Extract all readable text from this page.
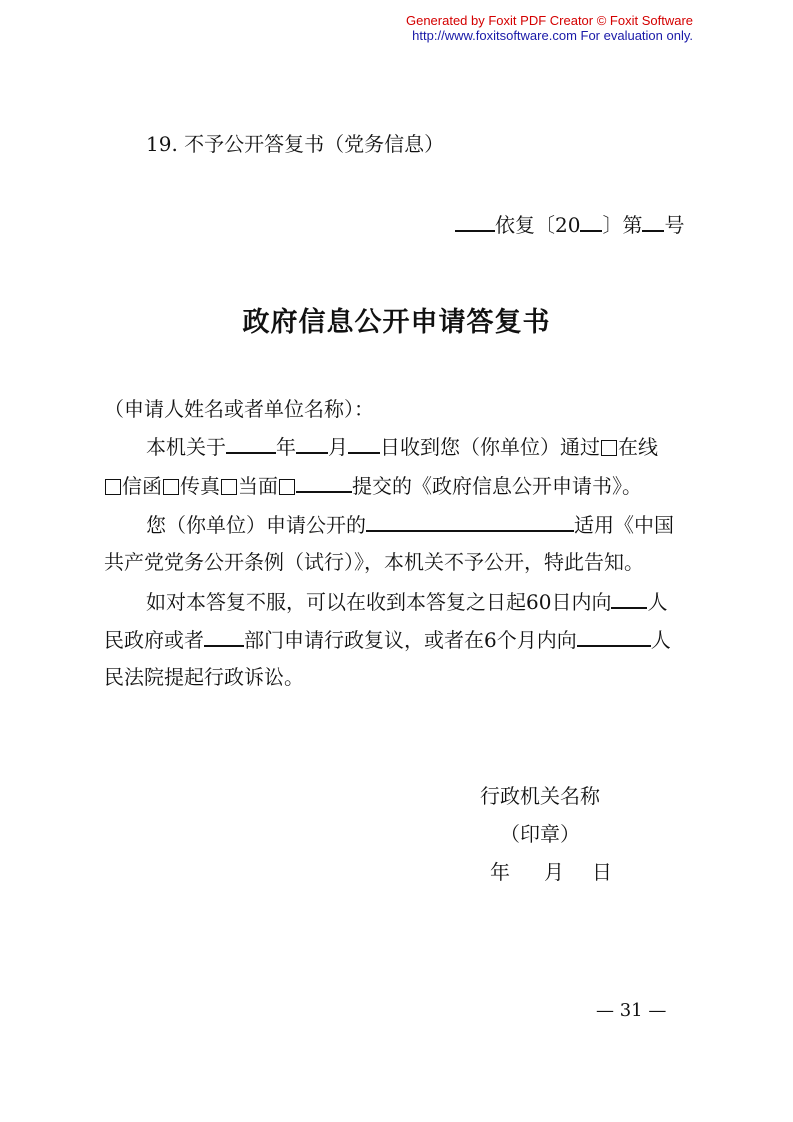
Generated by Foxit PDF Creator © Foxit Software
http://www.foxitsoftware.com For evaluation only.
19. 不予公开答复书（党务信息）
依复〔20 〕第 号
政府信息公开申请答复书
（申请人姓名或者单位名称）：
本机关于	年 月 日收到您（你单位）通过 在线
信函 传真 当面	提交的《政府信息公开申请书》。
您（你单位）申请公开的	适用《中国
共产党党务公开条例（试行）》，本机关不予公开，特此告知。
如对本答复不服，可以在收到本答复之日起60日内向 人
民政府或者 部门申请行政复议，或者在6个月内向	人
民法院提起行政诉讼。
行政机关名称
（印章）
年 月 日
— 31 —
